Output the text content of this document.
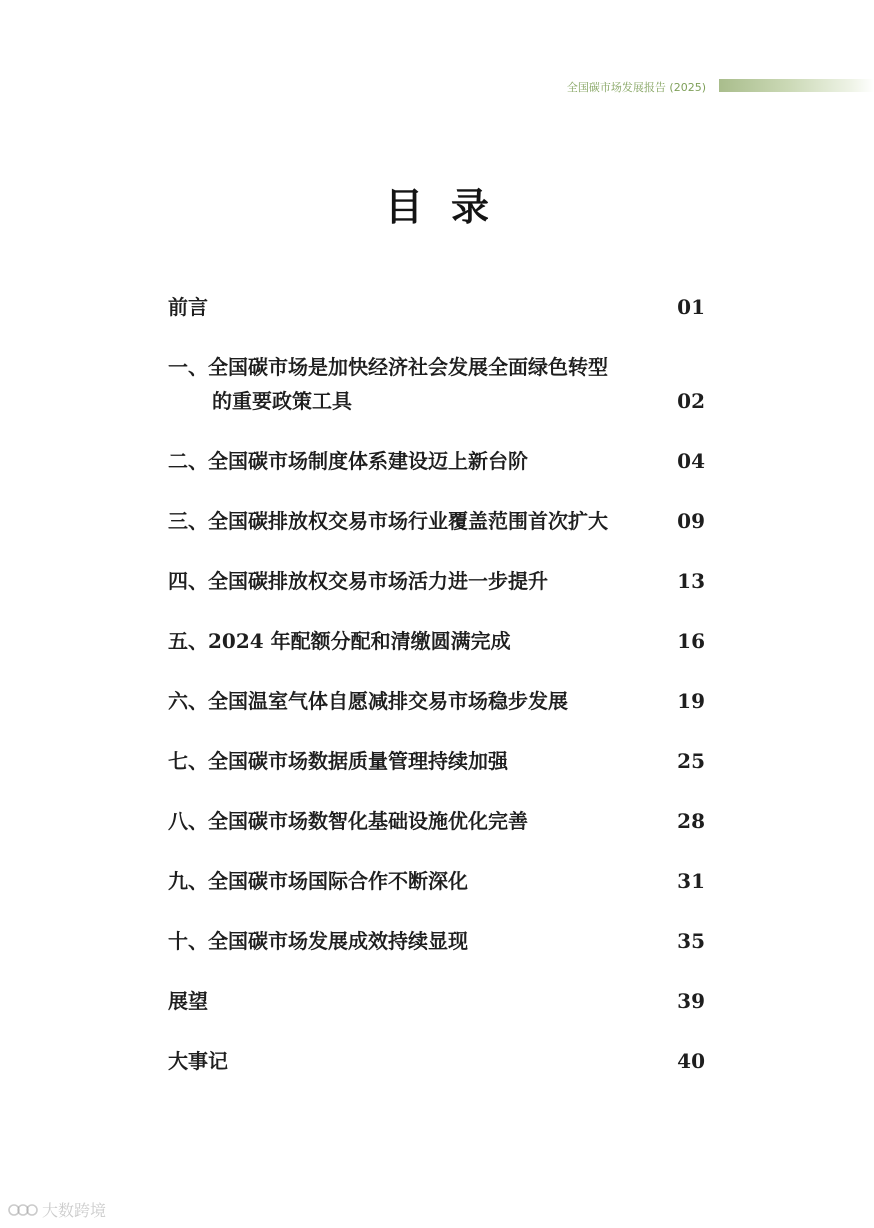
全国碳市场发展报告 (2025)
目录
前言	01
一、全国碳市场是加快经济社会发展全面绿色转型
的重要政策工具	02
二、全国碳市场制度体系建设迈上新台阶	04
三、全国碳排放权交易市场行业覆盖范围首次扩大	09
四、全国碳排放权交易市场活力进一步提升	13
五、2024 年配额分配和清缴圆满完成	16
六、全国温室气体自愿减排交易市场稳步发展	19
七、全国碳市场数据质量管理持续加强	25
八、全国碳市场数智化基础设施优化完善	28
九、全国碳市场国际合作不断深化	31
十、全国碳市场发展成效持续显现	35
展望	39
大事记	40
大数跨境
